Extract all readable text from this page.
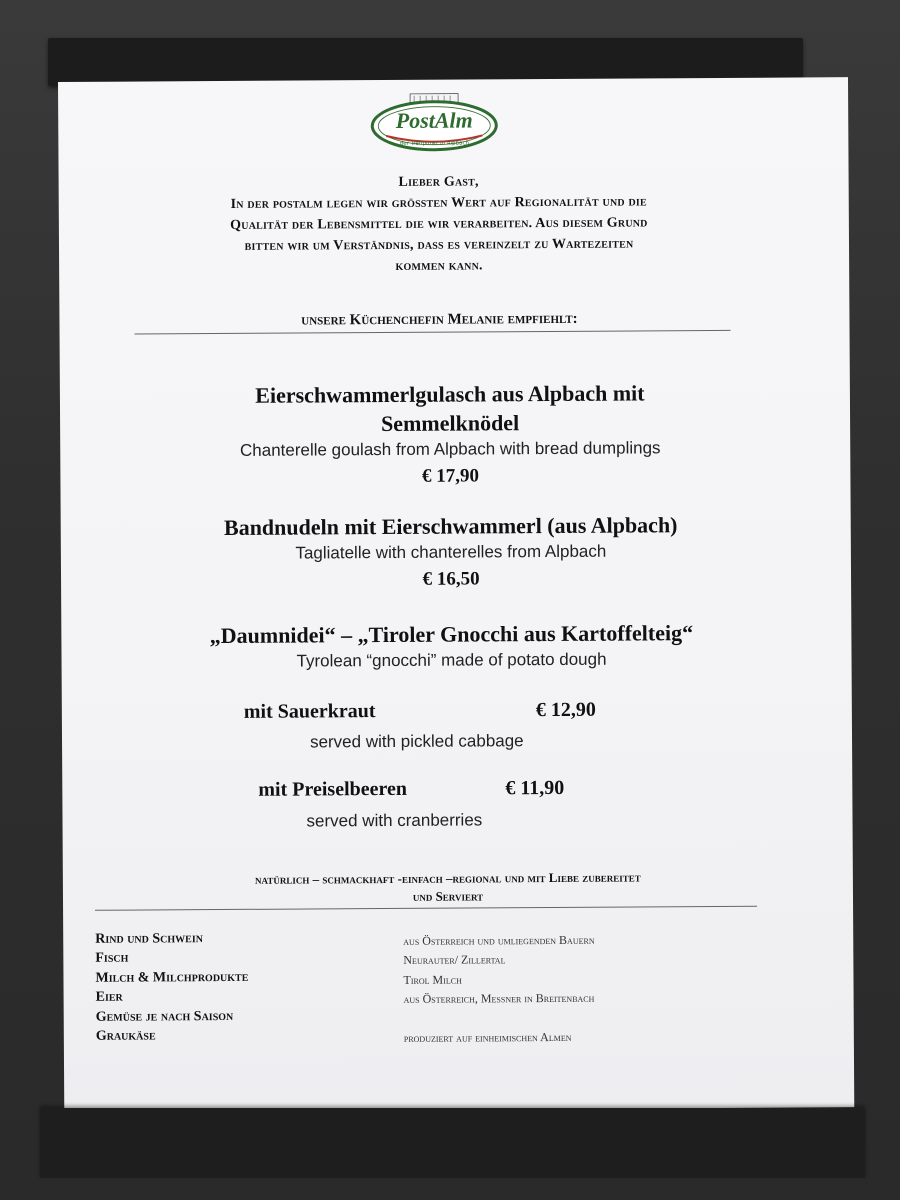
PostAlm
der Treffpunkt in Alpbach
Lieber Gast,
In der postalm legen wir größten Wert auf Regionalität und die
Qualität der Lebensmittel die wir verarbeiten. Aus diesem Grund
bitten wir um Verständnis, dass es vereinzelt zu Wartezeiten
kommen kann.
unsere Küchenchefin Melanie empfiehlt:
Eierschwammerlgulasch aus Alpbach mit
Semmelknödel
Chanterelle goulash from Alpbach with bread dumplings
€ 17,90
Bandnudeln mit Eierschwammerl (aus Alpbach)
Tagliatelle with chanterelles from Alpbach
€ 16,50
„Daumnidei“ – „Tiroler Gnocchi aus Kartoffelteig“
Tyrolean “gnocchi” made of potato dough
mit Sauerkraut	€ 12,90
served with pickled cabbage
mit Preiselbeeren	€ 11,90
served with cranberries
natürlich – schmackhaft -einfach –regional und mit Liebe zubereitet
und Serviert
Rind und Schwein
Fisch
Milch & Milchprodukte
Eier
Gemüse je nach Saison
Graukäse
aus Österreich und umliegenden Bauern
Neurauter/ Zillertal
Tirol Milch
aus Österreich, Messner in Breitenbach
produziert auf einheimischen Almen
